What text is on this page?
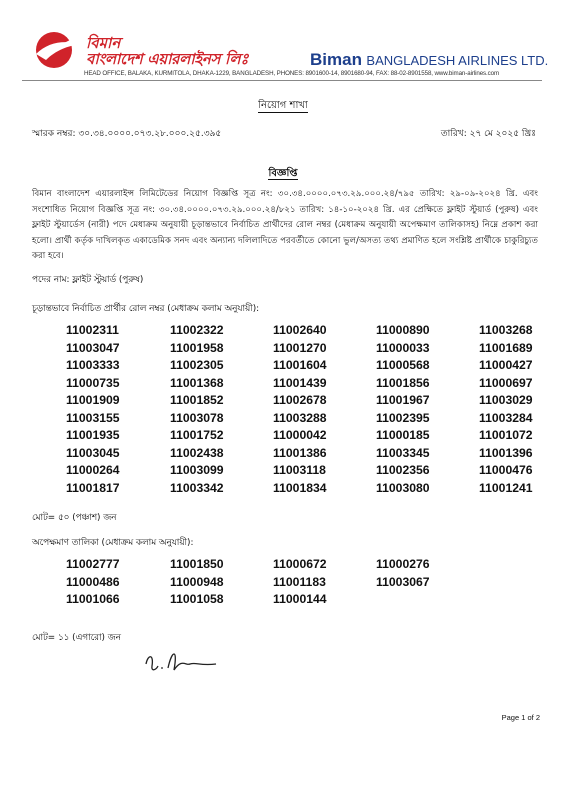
বিমান
বাংলাদেশ এয়ারলাইনস লিঃ	Biman BANGLADESH AIRLINES LTD.
HEAD OFFICE, BALAKA, KURMITOLA, DHAKA-1229, BANGLADESH, PHONES: 8901600-14, 8901680-94, FAX: 88-02-8901558, www.biman-airlines.com
নিয়োগ শাখা
স্মারক নম্বর: ৩০.৩৪.০০০০.০৭৩.২৮.০০০.২৫.৩৯৫	তারিখ: ২৭ মে ২০২৫ খ্রিঃ
বিজ্ঞপ্তি
বিমান বাংলাদেশ এয়ারলাইন্স লিমিটেডের নিয়োগ বিজ্ঞপ্তি সূত্র নং: ৩০.৩৪.০০০০.০৭৩.২৯.০০০.২৪/৭৯৫ তারিখ: ২৯-০৯-২০২৪ খ্রি. এবং সংশোধিত নিয়োগ বিজ্ঞপ্তি সূত্র নং: ৩০.৩৪.০০০০.০৭৩.২৯.০০০.২৪/৮২১ তারিখ: ১৪-১০-২০২৪ খ্রি. এর প্রেক্ষিতে ফ্লাইট স্টুয়ার্ড (পুরুষ) এবং ফ্লাইট স্টুয়ার্ডেস (নারী) পদে মেধাক্রম অনুযায়ী চূড়ান্তভাবে নির্বাচিত প্রার্থীদের রোল নম্বর (মেধাক্রম অনুযায়ী অপেক্ষমাণ তালিকাসহ) নিম্নে প্রকাশ করা হলো। প্রার্থী কর্তৃক দাখিলকৃত একাডেমিক সনদ এবং অন্যান্য দলিলাদিতে পরবর্তীতে কোনো ভুল/অসত্য তথ্য প্রমাণিত হলে সংশ্লিষ্ট প্রার্থীকে চাকুরিচ্যুত করা হবে।
পদের নাম: ফ্লাইট স্টুয়ার্ড (পুরুষ)
চূড়ান্তভাবে নির্বাচিত প্রার্থীর রোল নম্বর (মেধাক্রম কলাম অনুযায়ী):
11002311
11003047
11003333
11000735
11001909
11003155
11001935
11003045
11000264
11001817
11002322
11001958
11002305
11001368
11001852
11003078
11001752
11002438
11003099
11003342
11002640
11001270
11001604
11001439
11002678
11003288
11000042
11001386
11003118
11001834
11000890
11000033
11000568
11001856
11001967
11002395
11000185
11003345
11002356
11003080
11003268
11001689
11000427
11000697
11003029
11003284
11001072
11001396
11000476
11001241
মোট= ৫০ (পঞ্চাশ) জন
অপেক্ষমাণ তালিকা (মেধাক্রম কলাম অনুযায়ী):
11002777
11000486
11001066
11001850
11000948
11001058
11000672
11001183
11000144
11000276
11003067
মোট= ১১ (এগারো) জন
Page 1 of 2
